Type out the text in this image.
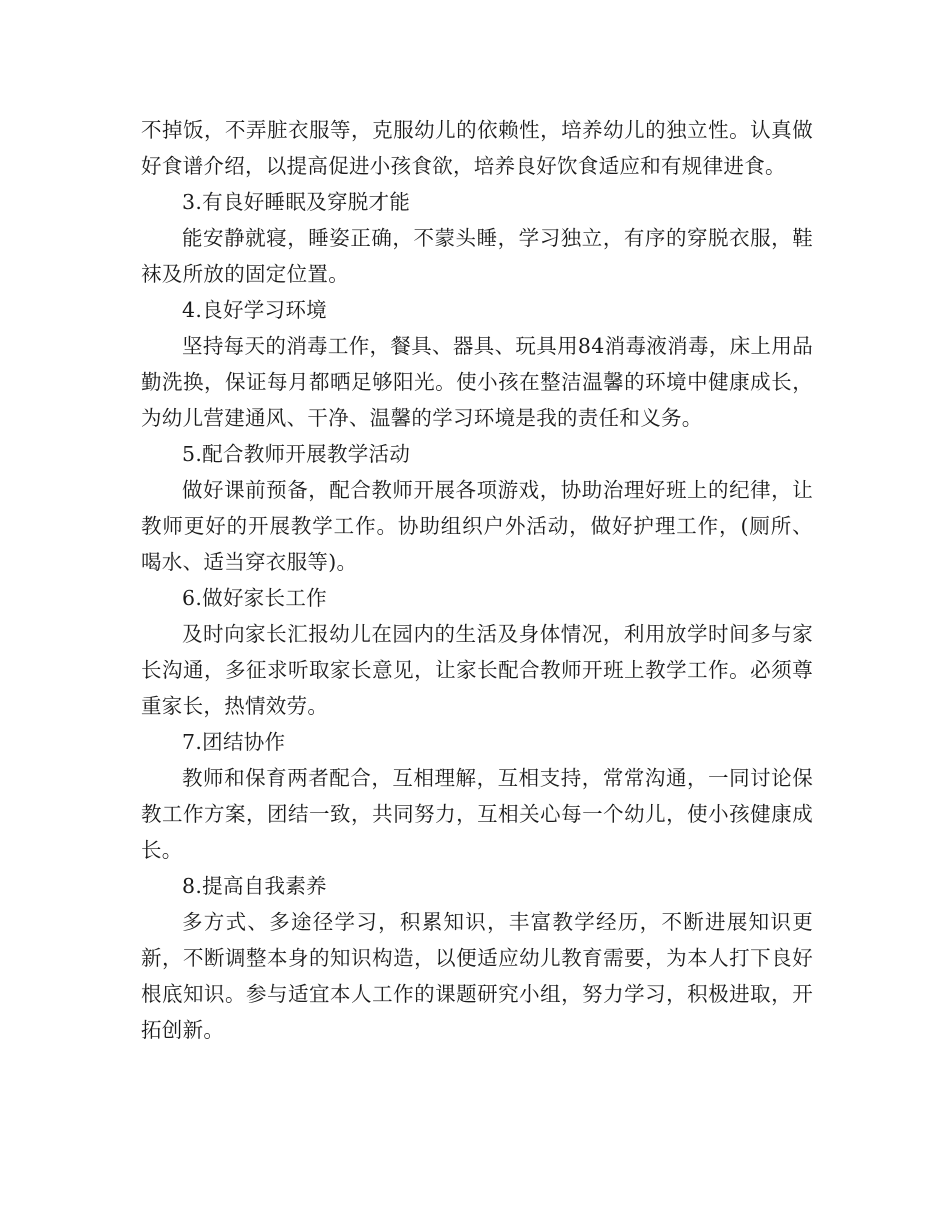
不掉饭，不弄脏衣服等，克服幼儿的依赖性，培养幼儿的独立性。认真做好食谱介绍，以提高促进小孩食欲，培养良好饮食适应和有规律进食。

3.有良好睡眠及穿脱才能

能安静就寝，睡姿正确，不蒙头睡，学习独立，有序的穿脱衣服，鞋袜及所放的固定位置。

4.良好学习环境

坚持每天的消毒工作，餐具、器具、玩具用84消毒液消毒，床上用品勤洗换，保证每月都晒足够阳光。使小孩在整洁温馨的环境中健康成长，为幼儿营建通风、干净、温馨的学习环境是我的责任和义务。

5.配合教师开展教学活动

做好课前预备，配合教师开展各项游戏，协助治理好班上的纪律，让教师更好的开展教学工作。协助组织户外活动，做好护理工作，(厕所、喝水、适当穿衣服等)。

6.做好家长工作

及时向家长汇报幼儿在园内的生活及身体情况，利用放学时间多与家长沟通，多征求听取家长意见，让家长配合教师开班上教学工作。必须尊重家长，热情效劳。

7.团结协作

教师和保育两者配合，互相理解，互相支持，常常沟通，一同讨论保教工作方案，团结一致，共同努力，互相关心每一个幼儿，使小孩健康成长。

8.提高自我素养

多方式、多途径学习，积累知识，丰富教学经历，不断进展知识更新，不断调整本身的知识构造，以便适应幼儿教育需要，为本人打下良好根底知识。参与适宜本人工作的课题研究小组，努力学习，积极进取，开拓创新。
